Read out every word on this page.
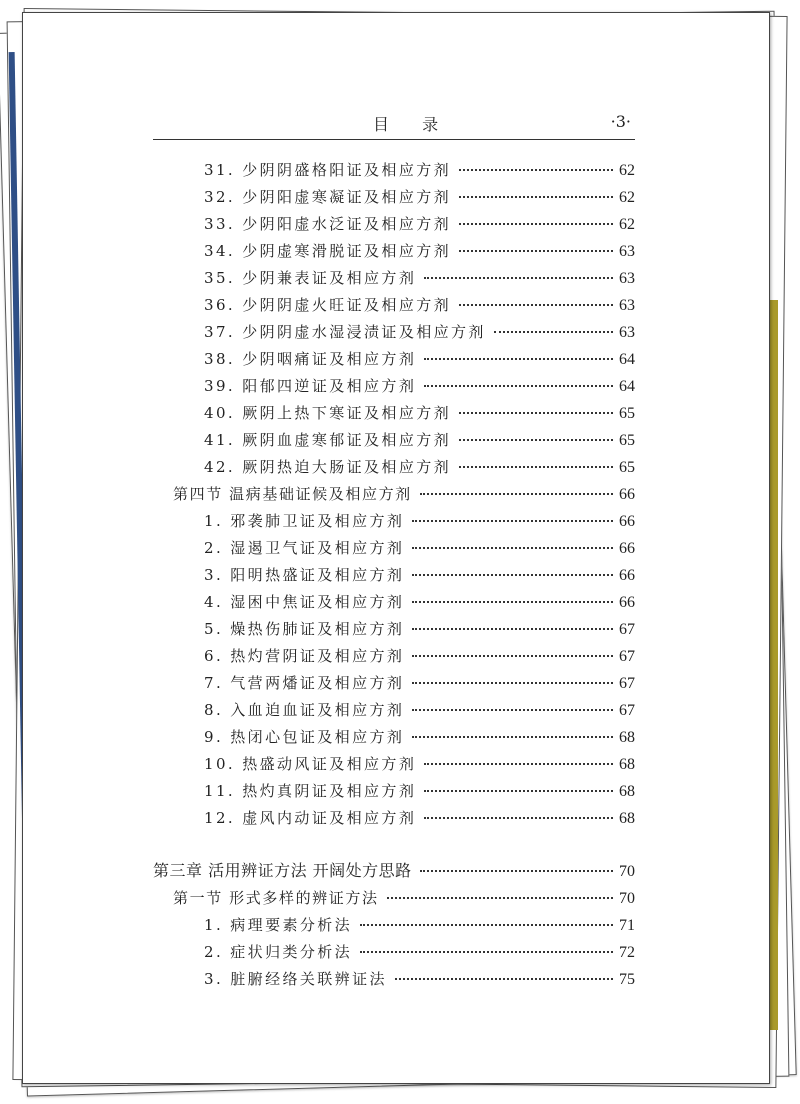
目 录	·3·
31. 少阴阴盛格阳证及相应方剂	62
32. 少阴阳虚寒凝证及相应方剂	62
33. 少阴阳虚水泛证及相应方剂	62
34. 少阴虚寒滑脱证及相应方剂	63
35. 少阴兼表证及相应方剂	63
36. 少阴阴虚火旺证及相应方剂	63
37. 少阴阴虚水湿浸渍证及相应方剂	63
38. 少阴咽痛证及相应方剂	64
39. 阳郁四逆证及相应方剂	64
40. 厥阴上热下寒证及相应方剂	65
41. 厥阴血虚寒郁证及相应方剂	65
42. 厥阴热迫大肠证及相应方剂	65
第四节 温病基础证候及相应方剂	66
1. 邪袭肺卫证及相应方剂	66
2. 湿遏卫气证及相应方剂	66
3. 阳明热盛证及相应方剂	66
4. 湿困中焦证及相应方剂	66
5. 燥热伤肺证及相应方剂	67
6. 热灼营阴证及相应方剂	67
7. 气营两燔证及相应方剂	67
8. 入血迫血证及相应方剂	67
9. 热闭心包证及相应方剂	68
10. 热盛动风证及相应方剂	68
11. 热灼真阴证及相应方剂	68
12. 虚风内动证及相应方剂	68
第三章 活用辨证方法 开阔处方思路	70
第一节 形式多样的辨证方法	70
1. 病理要素分析法	71
2. 症状归类分析法	72
3. 脏腑经络关联辨证法	75
